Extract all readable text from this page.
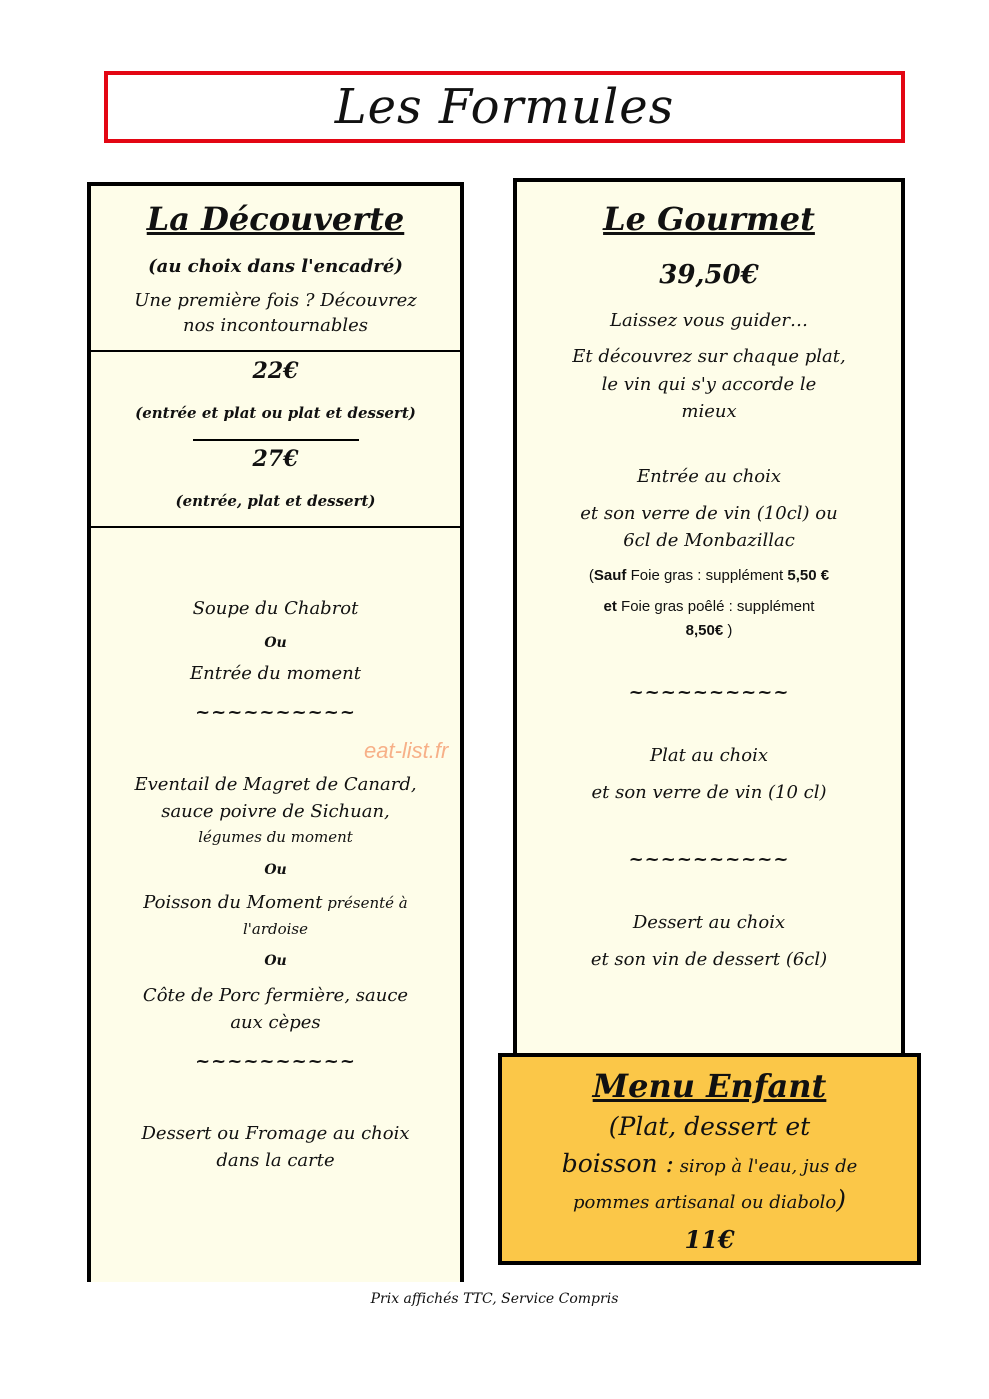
Les Formules
La Découverte
(au choix dans l'encadré)
Une première fois ? Découvrez
nos incontournables
22€
(entrée et plat ou plat et dessert)
27€
(entrée, plat et dessert)
Soupe du Chabrot
Ou
Entrée du moment
~~~~~~~~~~
Eventail de Magret de Canard,
sauce poivre de Sichuan,
légumes du moment
Ou
Poisson du Moment présenté à
l'ardoise
Ou
Côte de Porc fermière, sauce
aux cèpes
~~~~~~~~~~
Dessert ou Fromage au choix
dans la carte
Le Gourmet
39,50€
Laissez vous guider…
Et découvrez sur chaque plat,
le vin qui s'y accorde le
mieux
Entrée au choix
et son verre de vin (10cl) ou
6cl de Monbazillac
(Sauf Foie gras : supplément 5,50 €
et Foie gras poêlé : supplément
8,50€ )
~~~~~~~~~~
Plat au choix
et son verre de vin (10 cl)
~~~~~~~~~~
Dessert au choix
et son vin de dessert (6cl)
Menu Enfant
(Plat, dessert et
boisson : sirop à l'eau, jus de
pommes artisanal ou diabolo)
11€
eat-list.fr
Prix affichés TTC, Service Compris
